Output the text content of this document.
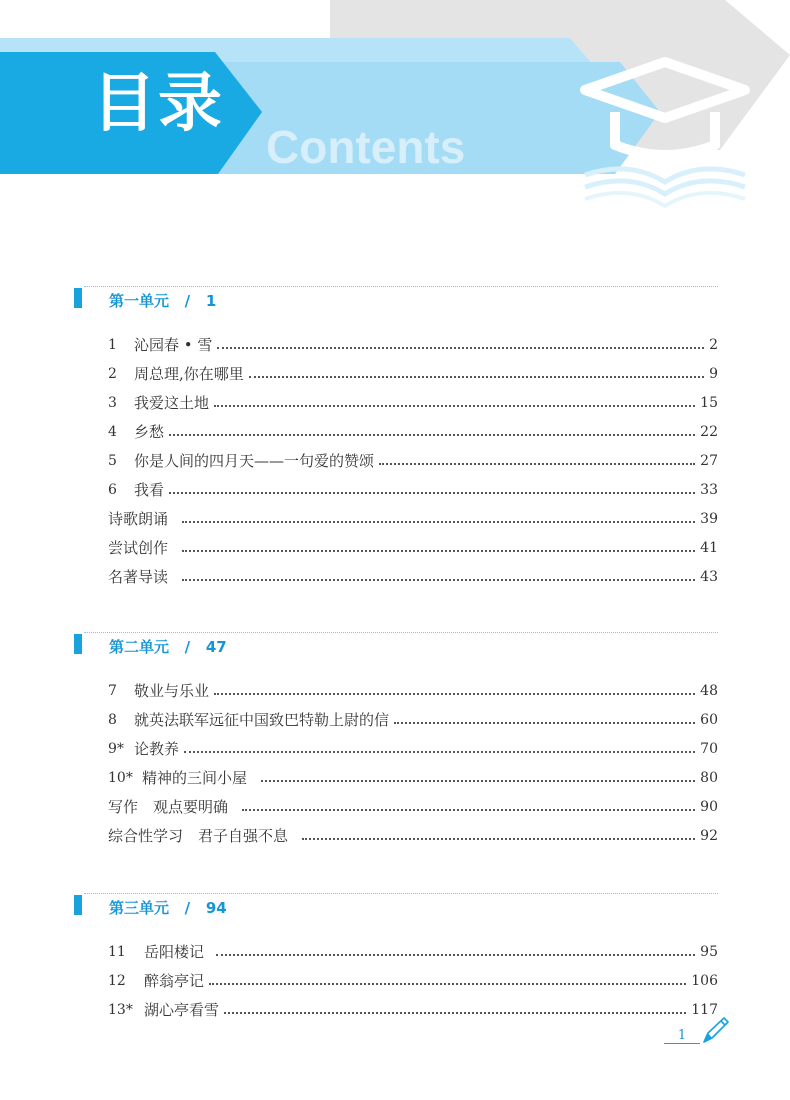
目录
Contents
第一单元   /   1
1	沁园春 • 雪	2
2	周总理,你在哪里	9
3	我爱这土地	15
4	乡愁	22
5	你是人间的四月天——一句爱的赞颂	27
6	我看	33
诗歌朗诵	39
尝试创作	41
名著导读	43
第二单元   /   47
7	敬业与乐业	48
8	就英法联军远征中国致巴特勒上尉的信	60
9* 论教养	70
10* 精神的三间小屋	80
写作　观点要明确	90
综合性学习　君子自强不息	92
第三单元   /   94
11	岳阳楼记	95
12	醉翁亭记	106
13* 湖心亭看雪	117
1
